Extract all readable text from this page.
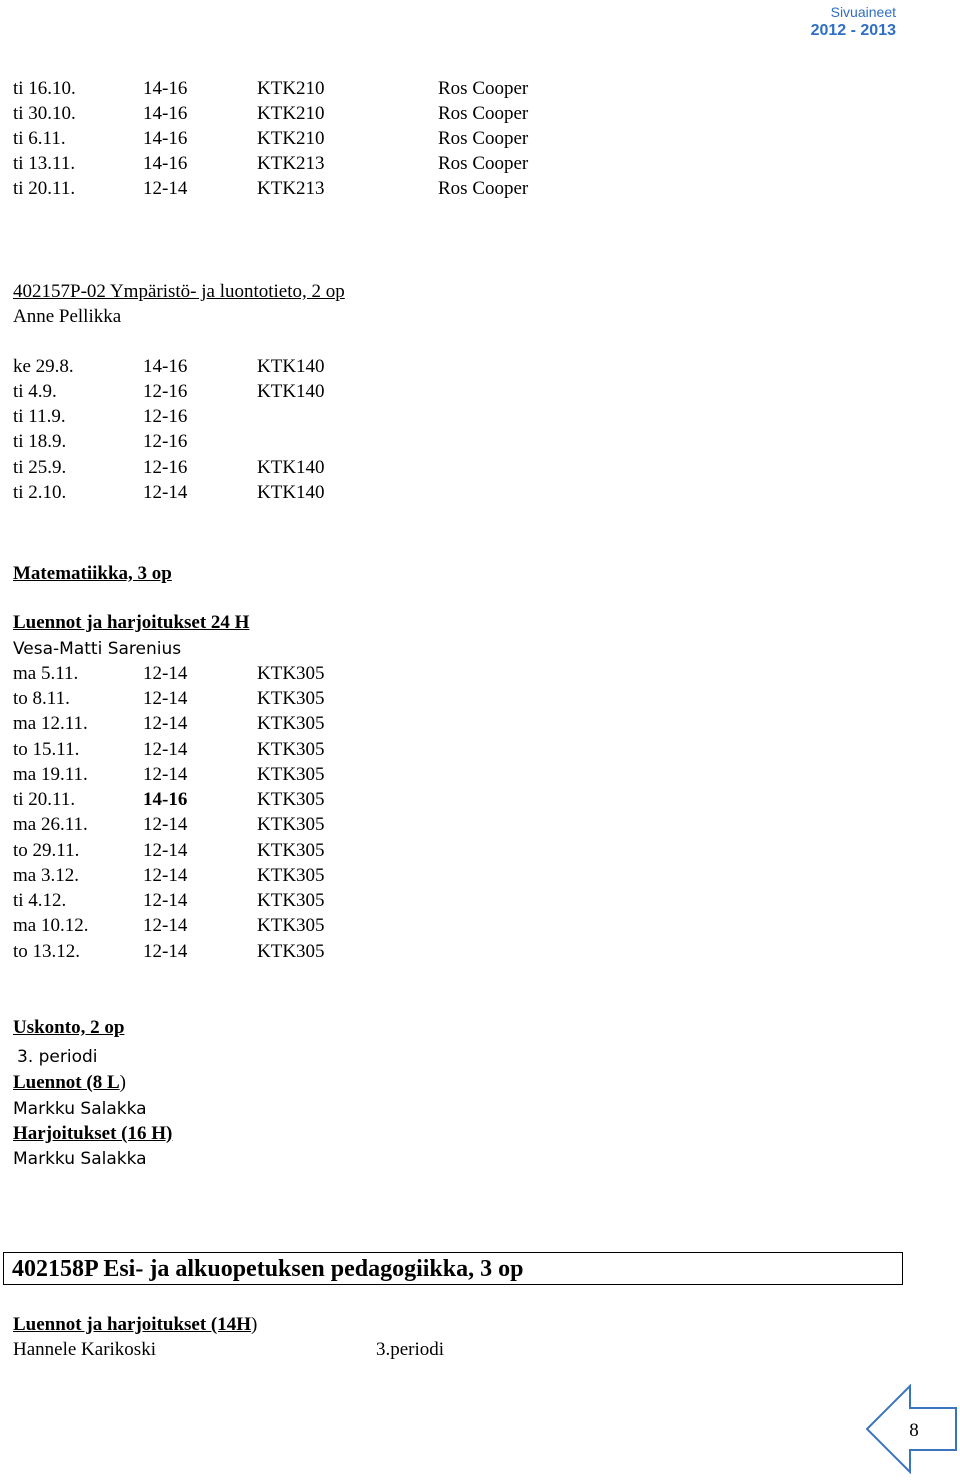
Sivuaineet
2012 - 2013
ti 16.10.	14-16	KTK210	Ros Cooper
ti 30.10.	14-16	KTK210	Ros Cooper
ti 6.11.	14-16	KTK210	Ros Cooper
ti 13.11.	14-16	KTK213	Ros Cooper
ti 20.11.	12-14	KTK213	Ros Cooper
402157P-02 Ympäristö- ja luontotieto, 2 op
Anne Pellikka
ke 29.8.	14-16	KTK140
ti 4.9.	12-16	KTK140
ti 11.9.	12-16
ti 18.9.	12-16
ti 25.9.	12-16	KTK140
ti 2.10.	12-14	KTK140
Matematiikka, 3 op
Luennot ja harjoitukset 24 H
Vesa-Matti Sarenius
ma 5.11.	12-14	KTK305
to 8.11.	12-14	KTK305
ma 12.11.	12-14	KTK305
to 15.11.	12-14	KTK305
ma 19.11.	12-14	KTK305
ti 20.11.	14-16	KTK305
ma 26.11.	12-14	KTK305
to 29.11.	12-14	KTK305
ma 3.12.	12-14	KTK305
ti 4.12.	12-14	KTK305
ma 10.12.	12-14	KTK305
to 13.12.	12-14	KTK305
Uskonto, 2 op
3. periodi
Luennot (8 L)
Markku Salakka
Harjoitukset (16 H)
Markku Salakka
402158P Esi- ja alkuopetuksen pedagogiikka, 3 op
Luennot ja harjoitukset (14H)
Hannele Karikoski	3.periodi
8
